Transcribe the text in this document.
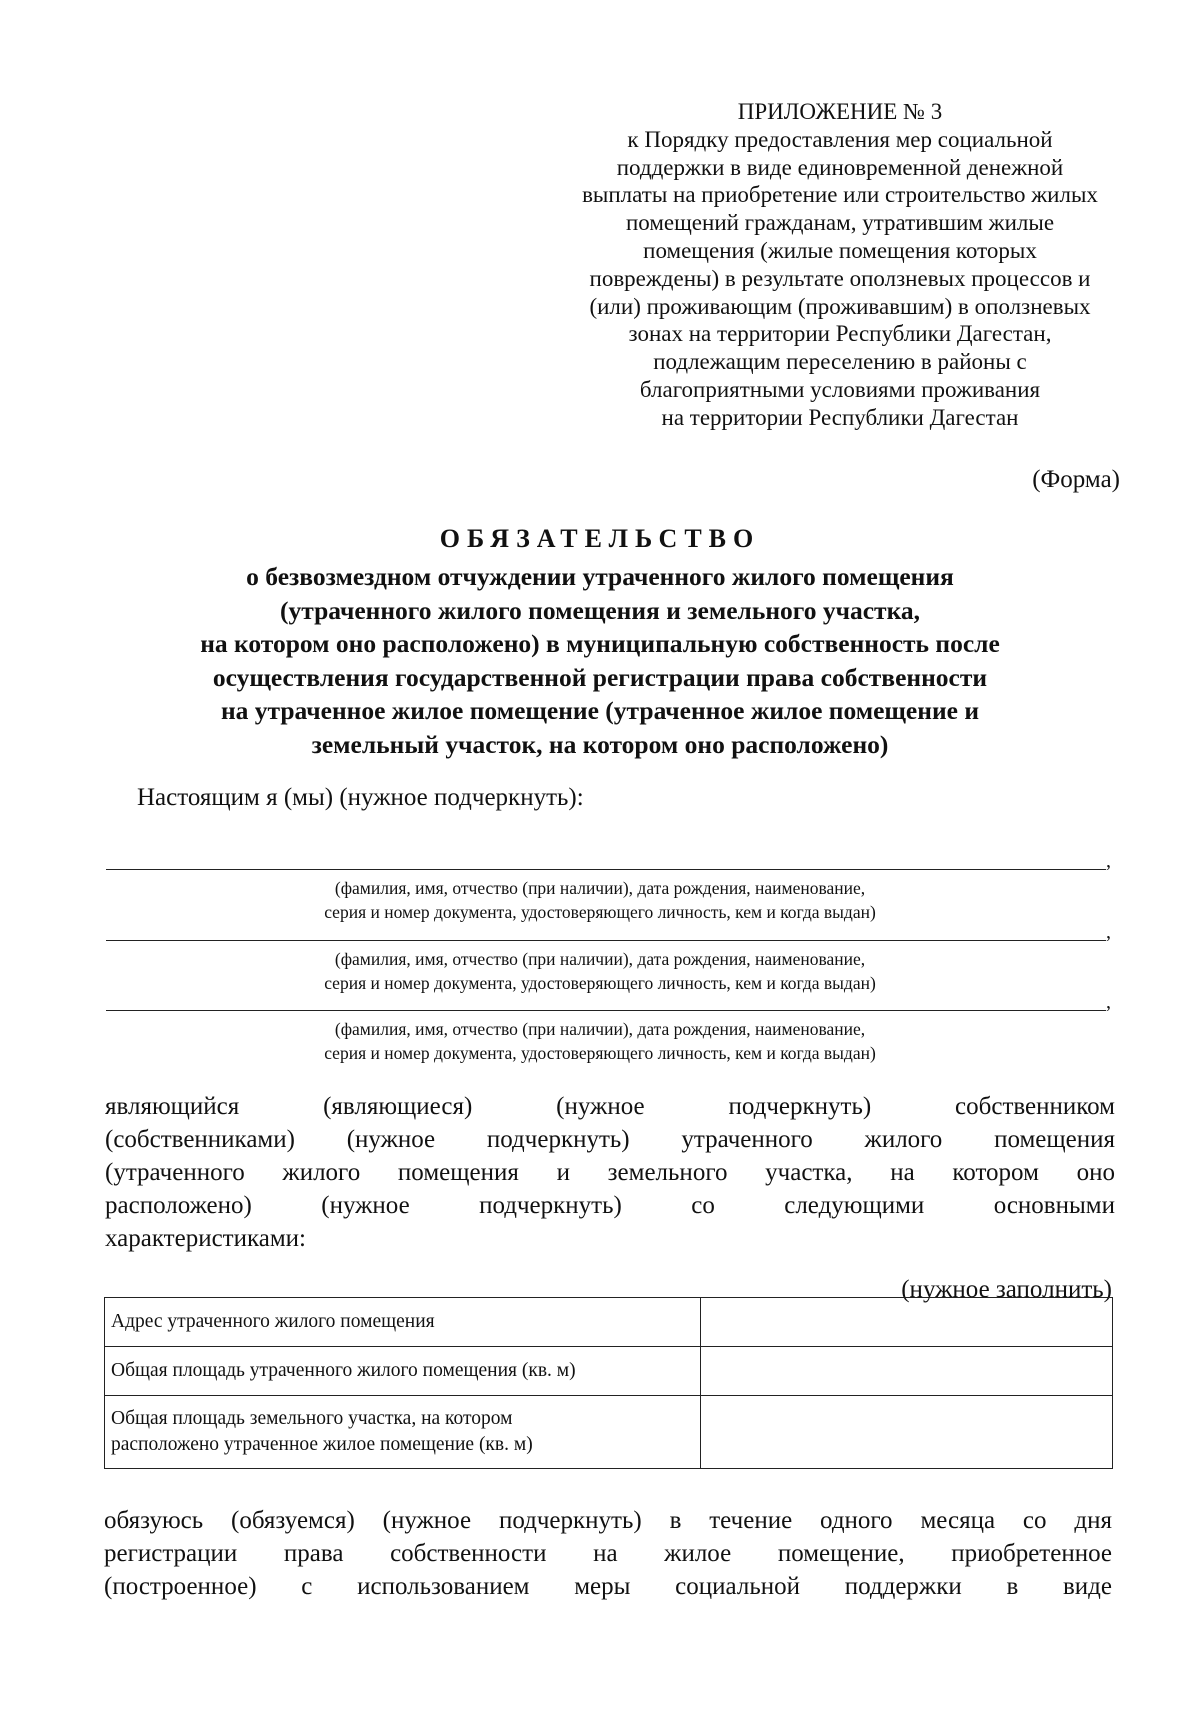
ПРИЛОЖЕНИЕ № 3
к Порядку предоставления мер социальной
поддержки в виде единовременной денежной
выплаты на приобретение или строительство жилых
помещений гражданам, утратившим жилые
помещения (жилые помещения которых
повреждены) в результате оползневых процессов и
(или) проживающим (проживавшим) в оползневых
зонах на территории Республики Дагестан,
подлежащим переселению в районы с
благоприятными условиями проживания
на территории Республики Дагестан
(Форма)
ОБЯЗАТЕЛЬСТВО
о безвозмездном отчуждении утраченного жилого помещения
(утраченного жилого помещения и земельного участка,
на котором оно расположено) в муниципальную собственность после
осуществления государственной регистрации права собственности
на утраченное жилое помещение (утраченное жилое помещение и
земельный участок, на котором оно расположено)
Настоящим я (мы) (нужное подчеркнуть):
,
(фамилия, имя, отчество (при наличии), дата рождения, наименование,
серия и номер документа, удостоверяющего личность, кем и когда выдан)
,
(фамилия, имя, отчество (при наличии), дата рождения, наименование,
серия и номер документа, удостоверяющего личность, кем и когда выдан)
,
(фамилия, имя, отчество (при наличии), дата рождения, наименование,
серия и номер документа, удостоверяющего личность, кем и когда выдан)
являющийся (являющиеся) (нужное подчеркнуть) собственником
(собственниками) (нужное подчеркнуть) утраченного жилого помещения
(утраченного жилого помещения и земельного участка, на котором оно
расположено) (нужное подчеркнуть) со следующими основными
характеристиками:
(нужное заполнить)
Адрес утраченного жилого помещения	
Общая площадь утраченного жилого помещения (кв. м)	

Общая площадь земельного участка, на котором
расположено утраченное жилое помещение (кв. м)	

обязуюсь (обязуемся) (нужное подчеркнуть) в течение одного месяца со дня
регистрации права собственности на жилое помещение, приобретенное
(построенное) с использованием меры социальной поддержки в виде
